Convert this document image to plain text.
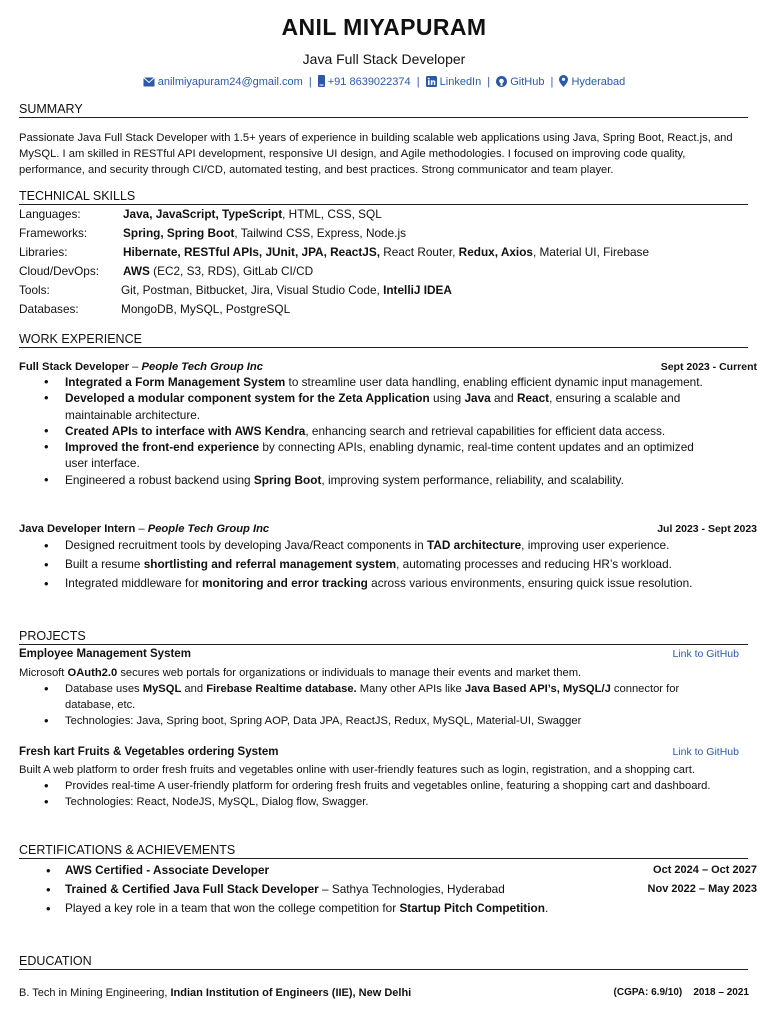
ANIL MIYAPURAM
Java Full Stack Developer
anilmiyapuram24@gmail.com | +91 8639022374 | LinkedIn | GitHub | Hyderabad
SUMMARY
Passionate Java Full Stack Developer with 1.5+ years of experience in building scalable web applications using Java, Spring Boot, React.js, and MySQL. I am skilled in RESTful API development, responsive UI design, and Agile methodologies. I focused on improving code quality, performance, and security through CI/CD, automated testing, and best practices. Strong communicator and team player.
TECHNICAL SKILLS
Languages:	Java, JavaScript, TypeScript, HTML, CSS, SQL
Frameworks:	Spring, Spring Boot, Tailwind CSS, Express, Node.js
Libraries:	Hibernate, RESTful APIs, JUnit, JPA, ReactJS, React Router, Redux, Axios, Material UI, Firebase
Cloud/DevOps: AWS (EC2, S3, RDS), GitLab CI/CD
Tools:	Git, Postman, Bitbucket, Jira, Visual Studio Code, IntelliJ IDEA
Databases:	MongoDB, MySQL, PostgreSQL
WORK EXPERIENCE
Full Stack Developer – People Tech Group Inc	Sept 2023 - Current
• Integrated a Form Management System to streamline user data handling, enabling efficient dynamic input management.
• Developed a modular component system for the Zeta Application using Java and React, ensuring a scalable and maintainable architecture.
• Created APIs to interface with AWS Kendra, enhancing search and retrieval capabilities for efficient data access.
• Improved the front-end experience by connecting APIs, enabling dynamic, real-time content updates and an optimized user interface.
• Engineered a robust backend using Spring Boot, improving system performance, reliability, and scalability.
Java Developer Intern – People Tech Group Inc	Jul 2023 - Sept 2023
• Designed recruitment tools by developing Java/React components in TAD architecture, improving user experience.
• Built a resume shortlisting and referral management system, automating processes and reducing HR’s workload.
• Integrated middleware for monitoring and error tracking across various environments, ensuring quick issue resolution.
PROJECTS
Employee Management System	Link to GitHub
Microsoft OAuth2.0 secures web portals for organizations or individuals to manage their events and market them.
• Database uses MySQL and Firebase Realtime database. Many other APIs like Java Based API’s, MySQL/J connector for database, etc.
• Technologies: Java, Spring boot, Spring AOP, Data JPA, ReactJS, Redux, MySQL, Material-UI, Swagger
Fresh kart Fruits & Vegetables ordering System	Link to GitHub
Built A web platform to order fresh fruits and vegetables online with user-friendly features such as login, registration, and a shopping cart.
• Provides real-time A user-friendly platform for ordering fresh fruits and vegetables online, featuring a shopping cart and dashboard.
• Technologies: React, NodeJS, MySQL, Dialog flow, Swagger.
CERTIFICATIONS & ACHIEVEMENTS
• AWS Certified - Associate Developer	Oct 2024 – Oct 2027
• Trained & Certified Java Full Stack Developer – Sathya Technologies, Hyderabad	Nov 2022 – May 2023
• Played a key role in a team that won the college competition for Startup Pitch Competition.
EDUCATION
B. Tech in Mining Engineering, Indian Institution of Engineers (IIE), New Delhi	(CGPA: 6.9/10) 2018 – 2021
